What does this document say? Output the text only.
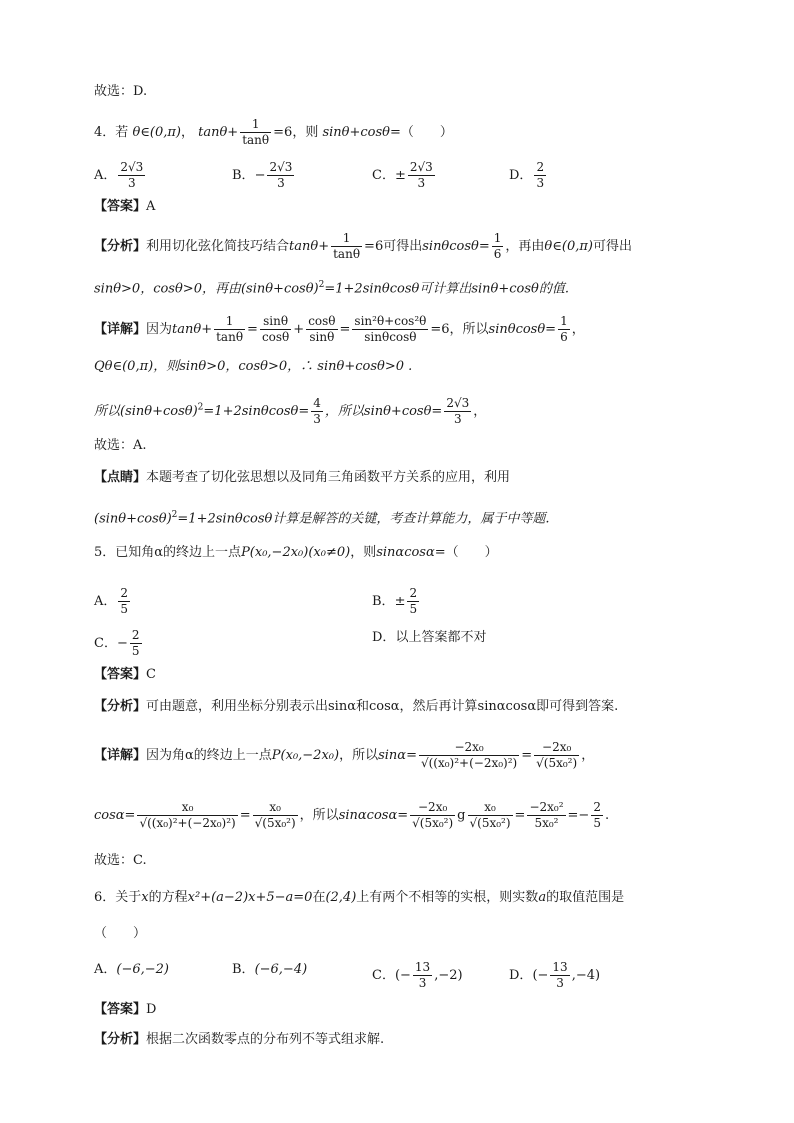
故选：D.
4．若 θ∈(0,π)， $\tan\theta+ \frac{1}{\tan\theta} =6$，则 sinθ+cosθ=（　　）
A． $\frac{2√3}{3}$	B．− $\frac{2√3}{3}$	C．± $\frac{2√3}{3}$	D． $\frac{2}{3}$
【答案】A
【分析】利用切化弦化简技巧结合$\tan\theta+ \frac{1}{\tan\theta} =6$可得出$\sin\theta\cos\theta= \frac{1}{6}$ ，再由θ∈(0,π)可得出
sinθ>0，cosθ>0，再由$(\sin\theta+\cos\theta)^2=1+2\sin\theta\cos\theta$可计算出sinθ+cosθ的值.
【详解】因为$\tan\theta+ \frac{1}{\tan\theta} = \frac{\sin\theta}{\cos\theta} + \frac{\cos\theta}{\sin\theta} = \frac{\text{sin²θ+cos²θ}}{\sin\theta\cos\theta} =6$，所以$\sin\theta\cos\theta= \frac{1}{6}$ ，
Qθ∈(0,π)，则sinθ>0，cosθ>0，∴ sinθ+cosθ>0 .
所以$(\sin\theta+\cos\theta)^2=1+2\sin\theta\cos\theta= \frac{4}{3}$ ，所以$\sin\theta+\cos\theta= \frac{2√3}{3}$ ，
故选：A.
【点睛】本题考查了切化弦思想以及同角三角函数平方关系的应用，利用
$(\sin\theta+\cos\theta)^2=1+2\sin\theta\cos\theta$计算是解答的关键，考查计算能力，属于中等题.
5．已知角α的终边上一点P(x₀,−2x₀)(x₀≠0)，则sinαcosα=（　　）
A． $\frac{2}{5}$	B．± $\frac{2}{5}$
C．− $\frac{2}{5}$	D．以上答案都不对
【答案】C
【分析】可由题意，利用坐标分别表示出sinα和cosα，然后再计算sinαcosα即可得到答案.
【详解】因为角α的终边上一点P(x₀,−2x₀)，所以$\sin\alpha= \frac{\text{−2x₀}}{\text{√((x₀)²+(−2x₀)²)}} = \frac{\text{−2x₀}}{\text{√(5x₀²)}}$ ，
$\cos\alpha= \frac{\text{x₀}}{\text{√((x₀)²+(−2x₀)²)}} = \frac{\text{x₀}}{\text{√(5x₀²)}}$ ，所以$\sin\alpha\cos\alpha= \frac{\text{−2x₀}}{\text{√(5x₀²)}}$ g $\frac{\text{x₀}}{\text{√(5x₀²)}} = \frac{\text{−2x₀²}}{\text{5x₀²}} =- \frac{2}{5}$ .
故选：C.
6．关于x的方程x²+(a−2)x+5−a=0在(2,4)上有两个不相等的实根，则实数a的取值范围是
（　　）
A．(−6,−2)	B．(−6,−4)	C．(− $\frac{13}{3} ,-2$)	D．(− $\frac{13}{3} ,-4$)
【答案】D
【分析】根据二次函数零点的分布列不等式组求解.
